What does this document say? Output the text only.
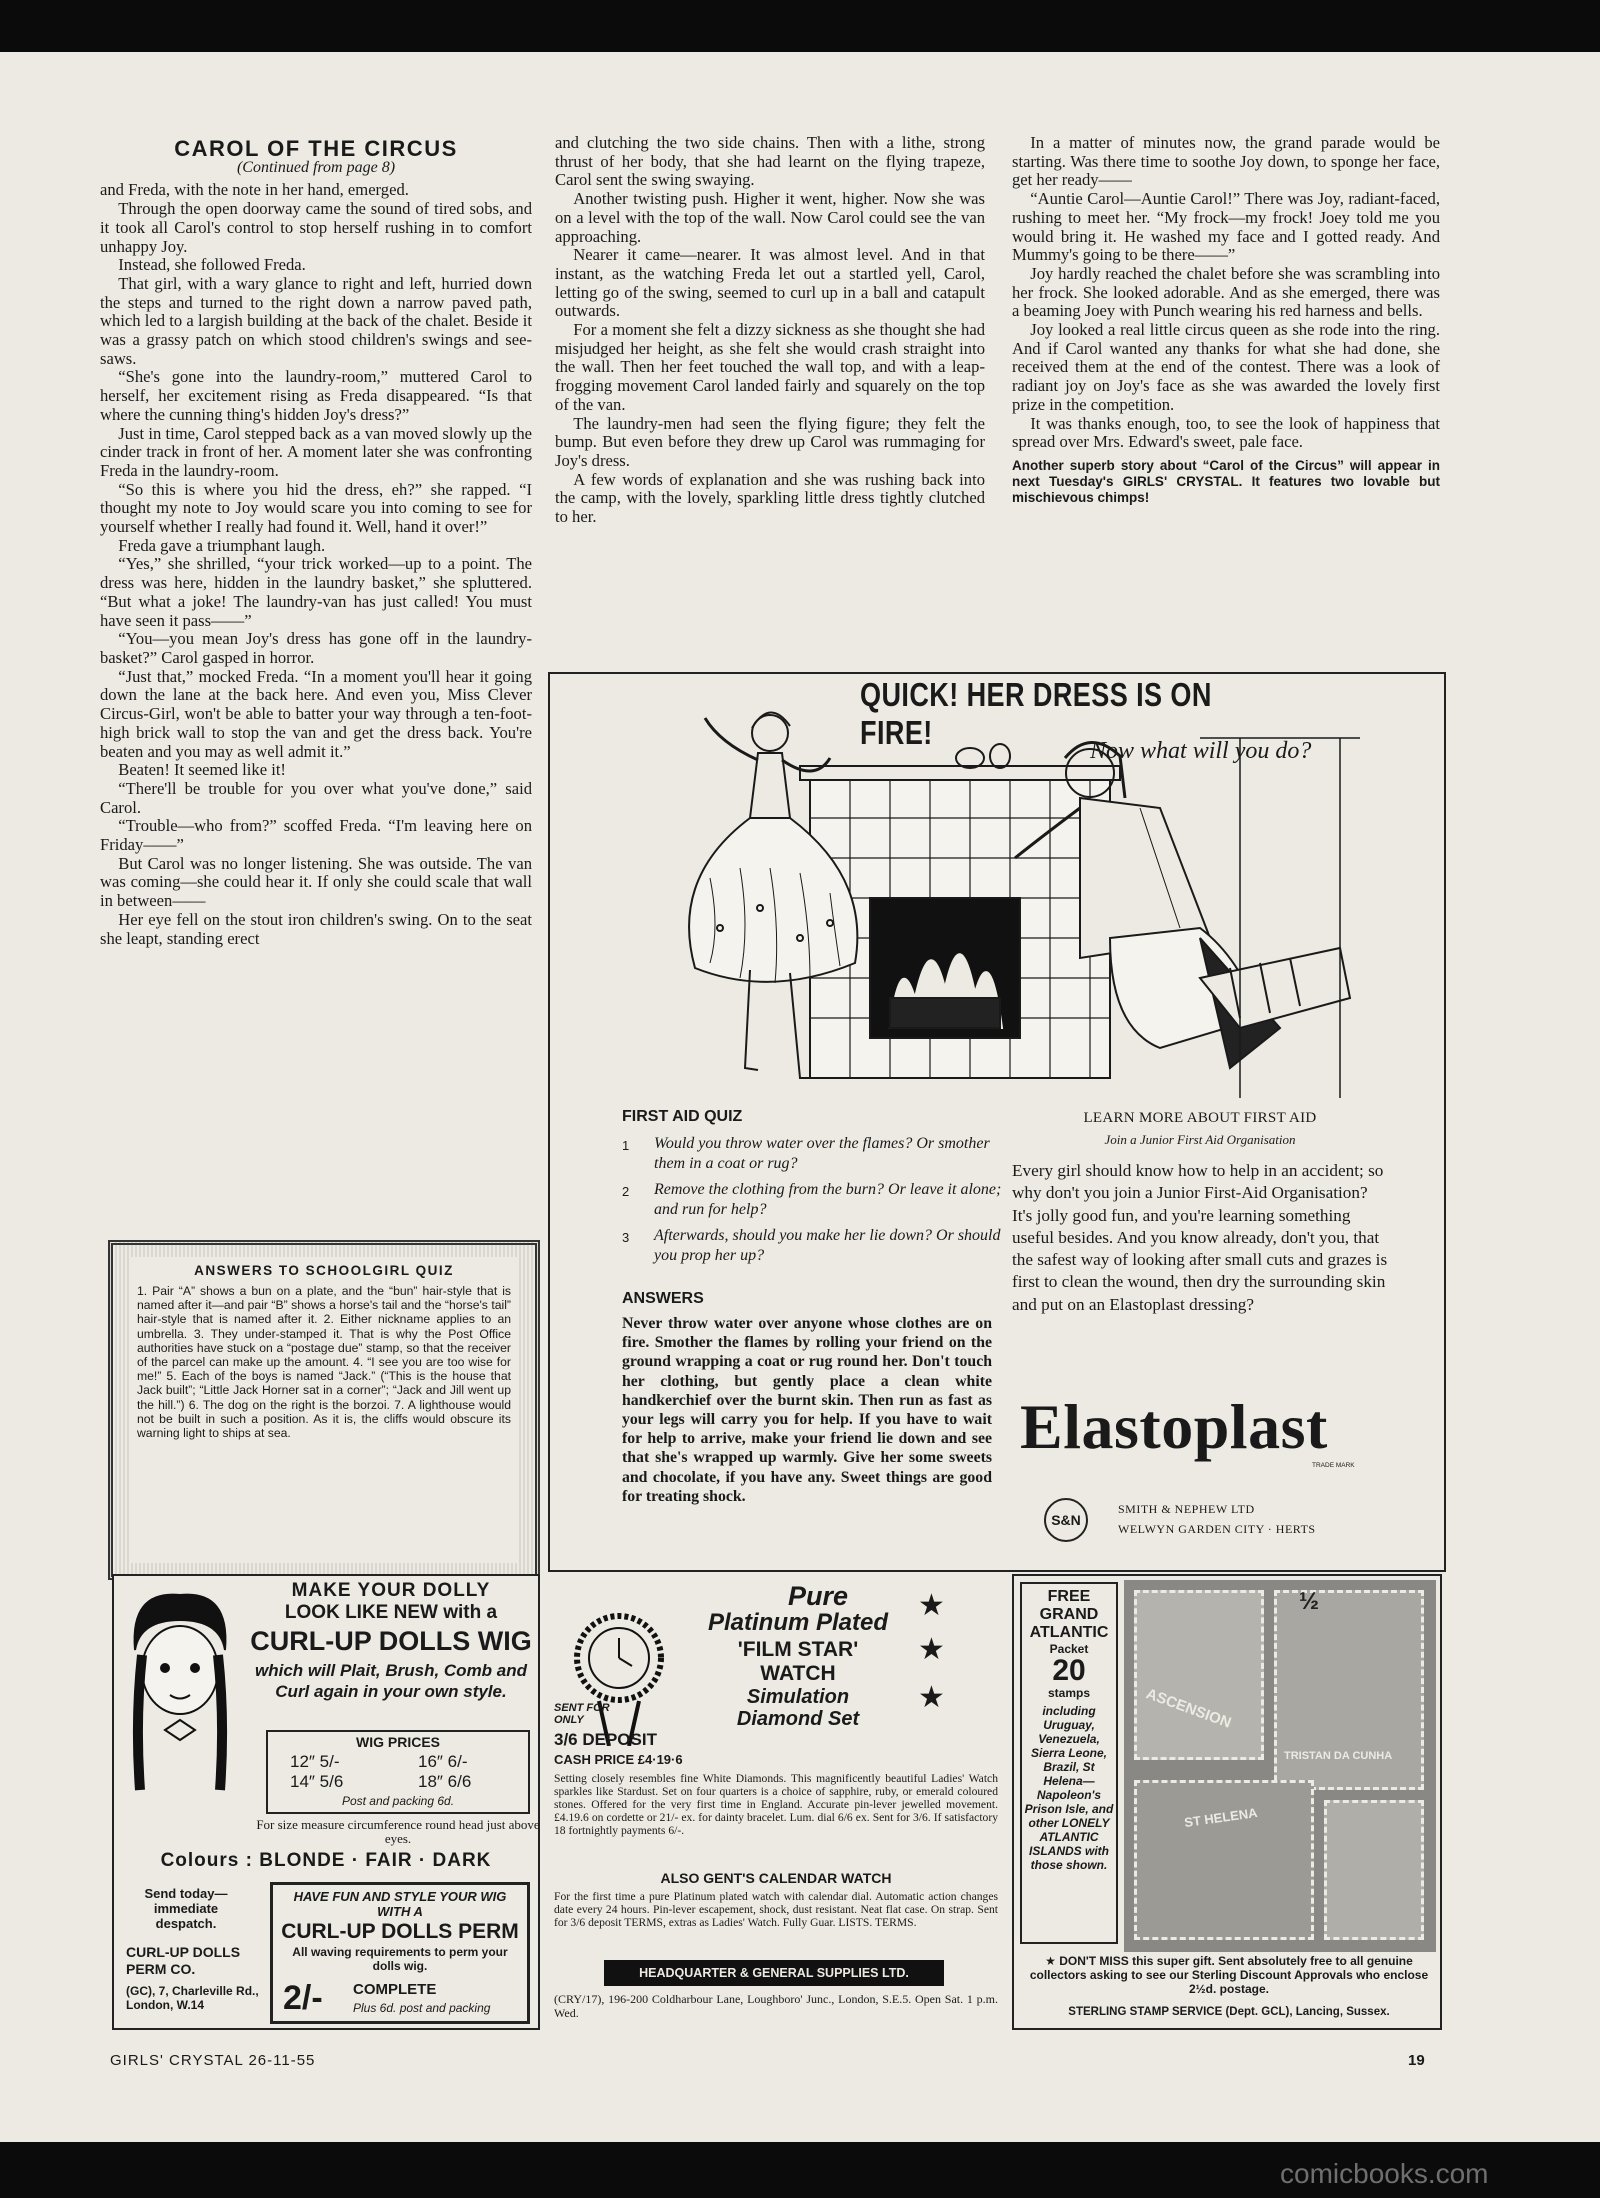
CAROL OF THE CIRCUS
(Continued from page 8)

and Freda, with the note in her hand, emerged.

Through the open doorway came the sound of tired sobs, and it took all Carol's control to stop herself rushing in to comfort unhappy Joy.

Instead, she followed Freda.

That girl, with a wary glance to right and left, hurried down the steps and turned to the right down a narrow paved path, which led to a largish building at the back of the chalet. Beside it was a grassy patch on which stood children's swings and see-saws.

“She's gone into the laundry-room,” muttered Carol to herself, her excitement rising as Freda disappeared. “Is that where the cunning thing's hidden Joy's dress?”

Just in time, Carol stepped back as a van moved slowly up the cinder track in front of her. A moment later she was confronting Freda in the laundry-room.

“So this is where you hid the dress, eh?” she rapped. “I thought my note to Joy would scare you into coming to see for yourself whether I really had found it. Well, hand it over!”

Freda gave a triumphant laugh.

“Yes,” she shrilled, “your trick worked—up to a point. The dress was here, hidden in the laundry basket,” she spluttered. “But what a joke! The laundry-van has just called! You must have seen it pass——”

“You—you mean Joy's dress has gone off in the laundry-basket?” Carol gasped in horror.

“Just that,” mocked Freda. “In a moment you'll hear it going down the lane at the back here. And even you, Miss Clever Circus-Girl, won't be able to batter your way through a ten-foot-high brick wall to stop the van and get the dress back. You're beaten and you may as well admit it.”

Beaten! It seemed like it!

“There'll be trouble for you over what you've done,” said Carol.

“Trouble—who from?” scoffed Freda. “I'm leaving here on Friday——”

But Carol was no longer listening. She was outside. The van was coming—she could hear it. If only she could scale that wall in between——

Her eye fell on the stout iron children's swing. On to the seat she leapt, standing erect

and clutching the two side chains. Then with a lithe, strong thrust of her body, that she had learnt on the flying trapeze, Carol sent the swing swaying.

Another twisting push. Higher it went, higher. Now she was on a level with the top of the wall. Now Carol could see the van approaching.

Nearer it came—nearer. It was almost level. And in that instant, as the watching Freda let out a startled yell, Carol, letting go of the swing, seemed to curl up in a ball and catapult outwards.

For a moment she felt a dizzy sickness as she thought she had misjudged her height, as she felt she would crash straight into the wall. Then her feet touched the wall top, and with a leap-frogging movement Carol landed fairly and squarely on the top of the van.

The laundry-men had seen the flying figure; they felt the bump. But even before they drew up Carol was rummaging for Joy's dress.

A few words of explanation and she was rushing back into the camp, with the lovely, sparkling little dress tightly clutched to her.

In a matter of minutes now, the grand parade would be starting. Was there time to soothe Joy down, to sponge her face, get her ready——

“Auntie Carol—Auntie Carol!” There was Joy, radiant-faced, rushing to meet her. “My frock—my frock! Joey told me you would bring it. He washed my face and I gotted ready. And Mummy's going to be there——”

Joy hardly reached the chalet before she was scrambling into her frock. She looked adorable. And as she emerged, there was a beaming Joey with Punch wearing his red harness and bells.

Joy looked a real little circus queen as she rode into the ring. And if Carol wanted any thanks for what she had done, she received them at the end of the contest. There was a look of radiant joy on Joy's face as she was awarded the lovely first prize in the competition.

It was thanks enough, too, to see the look of happiness that spread over Mrs. Edward's sweet, pale face.

Another superb story about “Carol of the Circus” will appear in next Tuesday's GIRLS' CRYSTAL. It features two lovable but mischievous chimps!
ANSWERS TO SCHOOLGIRL QUIZ
1. Pair “A” shows a bun on a plate, and the “bun” hair-style that is named after it—and pair “B” shows a horse's tail and the “horse's tail” hair-style that is named after it. 2. Either nickname applies to an umbrella. 3. They under-stamped it. That is why the Post Office authorities have stuck on a “postage due” stamp, so that the receiver of the parcel can make up the amount. 4. “I see you are too wise for me!” 5. Each of the boys is named “Jack.” (“This is the house that Jack built”; “Little Jack Horner sat in a corner”; “Jack and Jill went up the hill.”) 6. The dog on the right is the borzoi. 7. A lighthouse would not be built in such a position. As it is, the cliffs would obscure its warning light to ships at sea.
QUICK! HER DRESS IS ON FIRE!	Now what will you do?
FIRST AID QUIZ
1	Would you throw water over the flames? Or smother them in a coat or rug?
2	Remove the clothing from the burn? Or leave it alone; and run for help?
3	Afterwards, should you make her lie down? Or should you prop her up?
ANSWERS
Never throw water over anyone whose clothes are on fire. Smother the flames by rolling your friend on the ground wrapping a coat or rug round her. Don't touch her clothing, but gently place a clean white handkerchief over the burnt skin. Then run as fast as your legs will carry you for help. If you have to wait for help to arrive, make your friend lie down and see that she's wrapped up warmly. Give her some sweets and chocolate, if you have any. Sweet things are good for treating shock.
LEARN MORE ABOUT FIRST AID
Join a Junior First Aid Organisation
Every girl should know how to help in an accident; so why don't you join a Junior First-Aid Organisation? It's jolly good fun, and you're learning something useful besides. And you know already, don't you, that the safest way of looking after small cuts and grazes is first to clean the wound, then dry the surrounding skin and put on an Elastoplast dressing?
Elastoplast
TRADE MARK
S&N
SMITH & NEPHEW LTD
WELWYN GARDEN CITY · HERTS
MAKE YOUR DOLLY
LOOK LIKE NEW with a
CURL-UP DOLLS WIG
which will Plait, Brush, Comb and Curl again in your own style.
WIG PRICES
12″ 5/-	16″ 6/-
14″ 5/6	18″ 6/6
Post and packing 6d.
For size measure circumference round head just above eyes.
Colours : BLONDE · FAIR · DARK
Send today— immediate despatch.
CURL-UP DOLLS PERM CO.
(GC), 7, Charleville Rd., London, W.14
HAVE FUN AND STYLE YOUR WIG WITH A
CURL-UP DOLLS PERM
All waving requirements to perm your dolls wig.
2/- COMPLETE
Plus 6d. post and packing
Pure
Platinum Plated
'FILM STAR'
WATCH
Simulation
Diamond Set
★
★
★
SENT FOR ONLY
3/6 DEPOSIT
CASH PRICE £4·19·6
Setting closely resembles fine White Diamonds. This magnificently beautiful Ladies' Watch sparkles like Stardust. Set on four quarters is a choice of sapphire, ruby, or emerald coloured stones. Offered for the very first time in England. Accurate pin-lever jewelled movement. £4.19.6 on cordette or 21/- ex. for dainty bracelet. Lum. dial 6/6 ex. Sent for 3/6. If satisfactory 18 fortnightly payments 6/-.
ALSO GENT'S CALENDAR WATCH
For the first time a pure Platinum plated watch with calendar dial. Automatic action changes date every 24 hours. Pin-lever escapement, shock, dust resistant. Neat flat case. On strap. Sent for 3/6 deposit TERMS, extras as Ladies' Watch. Fully Guar. LISTS. TERMS.
HEADQUARTER & GENERAL SUPPLIES LTD.
(CRY/17), 196-200 Coldharbour Lane, Loughboro' Junc., London, S.E.5. Open Sat. 1 p.m. Wed.
FREE
GRAND
ATLANTIC
Packet
20
stamps
including Uruguay, Venezuela, Sierra Leone, Brazil, St Helena— Napoleon's Prison Isle, and other LONELY ATLANTIC ISLANDS with those shown.
ASCENSION
TRISTAN DA CUNHA
ST HELENA
½
★ DON'T MISS this super gift. Sent absolutely free to all genuine collectors asking to see our Sterling Discount Approvals who enclose 2½d. postage.
STERLING STAMP SERVICE (Dept. GCL), Lancing, Sussex.
GIRLS' CRYSTAL 26-11-55	19
comicbooks.com
